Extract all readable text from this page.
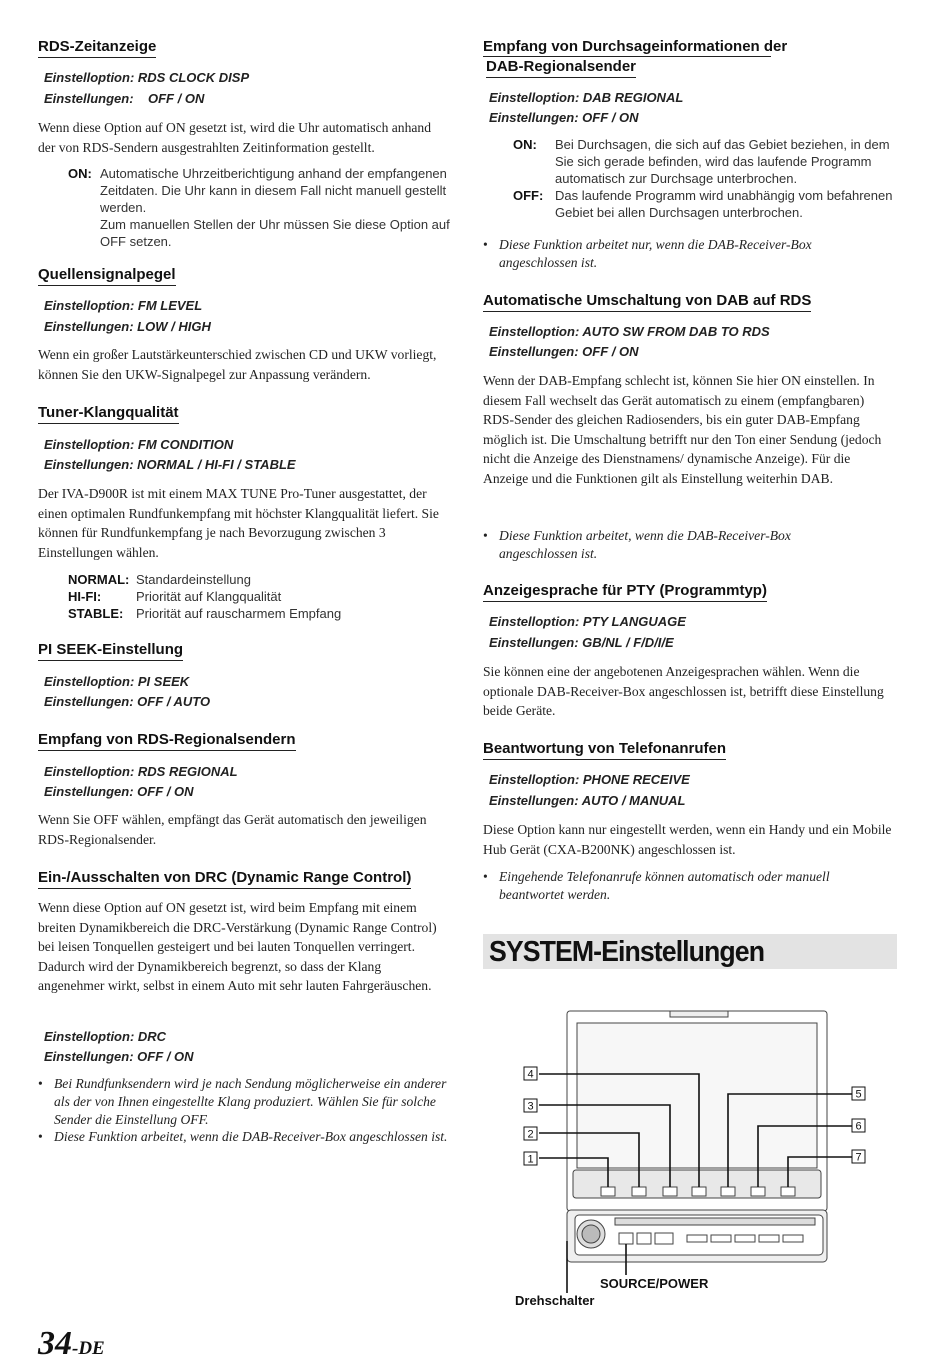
RDS-Zeitanzeige
Einstelloption: RDS CLOCK DISP
Einstellungen:    OFF / ON
Wenn diese Option auf ON gesetzt ist, wird die Uhr automatisch anhand der von RDS-Sendern ausgestrahlten Zeitinformation gestellt.
ON: Automatische Uhrzeitberichtigung anhand der empfangenen Zeitdaten. Die Uhr kann in diesem Fall nicht manuell gestellt werden.
Zum manuellen Stellen der Uhr müssen Sie diese Option auf OFF setzen.
Quellensignalpegel
Einstelloption: FM LEVEL
Einstellungen: LOW / HIGH
Wenn ein großer Lautstärkeunterschied zwischen CD und UKW vorliegt, können Sie den UKW-Signalpegel zur Anpassung verändern.
Tuner-Klangqualität
Einstelloption: FM CONDITION
Einstellungen: NORMAL / HI-FI / STABLE
Der IVA-D900R ist mit einem MAX TUNE Pro-Tuner ausgestattet, der einen optimalen Rundfunkempfang mit höchster Klangqualität liefert. Sie können für Rundfunkempfang je nach Bevorzugung zwischen 3 Einstellungen wählen.
NORMAL: Standardeinstellung
HI-FI:	Priorität auf Klangqualität
STABLE: Priorität auf rauscharmem Empfang
PI SEEK-Einstellung
Einstelloption: PI SEEK
Einstellungen: OFF / AUTO
Empfang von RDS-Regionalsendern
Einstelloption: RDS REGIONAL
Einstellungen: OFF / ON
Wenn Sie OFF wählen, empfängt das Gerät automatisch den jeweiligen RDS-Regionalsender.
Ein-/Ausschalten von DRC (Dynamic Range Control)
Wenn diese Option auf ON gesetzt ist, wird beim Empfang mit einem breiten Dynamikbereich die DRC-Verstärkung (Dynamic Range Control) bei leisen Tonquellen gesteigert und bei lauten Tonquellen verringert. Dadurch wird der Dynamikbereich begrenzt, so dass der Klang angenehmer wirkt, selbst in einem Auto mit sehr lauten Fahrgeräuschen.
Einstelloption: DRC
Einstellungen: OFF / ON
• Bei Rundfunksendern wird je nach Sendung möglicherweise ein anderer als der von Ihnen eingestellte Klang produziert. Wählen Sie für solche Sender die Einstellung OFF.
• Diese Funktion arbeitet, wenn die DAB-Receiver-Box angeschlossen ist.
Empfang von Durchsageinformationen der
DAB-Regionalsender
Einstelloption: DAB REGIONAL
Einstellungen: OFF / ON
ON: Bei Durchsagen, die sich auf das Gebiet beziehen, in dem Sie sich gerade befinden, wird das laufende Programm automatisch zur Durchsage unterbrochen.
OFF: Das laufende Programm wird unabhängig vom befahrenen Gebiet bei allen Durchsagen unterbrochen.
• Diese Funktion arbeitet nur, wenn die DAB-Receiver-Box angeschlossen ist.
Automatische Umschaltung von DAB auf RDS
Einstelloption: AUTO SW FROM DAB TO RDS
Einstellungen: OFF / ON
Wenn der DAB-Empfang schlecht ist, können Sie hier ON einstellen. In diesem Fall wechselt das Gerät automatisch zu einem (empfangbaren) RDS-Sender des gleichen Radiosenders, bis ein guter DAB-Empfang möglich ist. Die Umschaltung betrifft nur den Ton einer Sendung (jedoch nicht die Anzeige des Dienstnamens/ dynamische Anzeige). Für die Anzeige und die Funktionen gilt als Einstellung weiterhin DAB.
• Diese Funktion arbeitet, wenn die DAB-Receiver-Box angeschlossen ist.
Anzeigesprache für PTY (Programmtyp)
Einstelloption: PTY LANGUAGE
Einstellungen: GB/NL / F/D/I/E
Sie können eine der angebotenen Anzeigesprachen wählen. Wenn die optionale DAB-Receiver-Box angeschlossen ist, betrifft diese Einstellung beide Geräte.
Beantwortung von Telefonanrufen
Einstelloption: PHONE RECEIVE
Einstellungen: AUTO / MANUAL
Diese Option kann nur eingestellt werden, wenn ein Handy und ein Mobile Hub Gerät (CXA-B200NK) angeschlossen ist.
• Eingehende Telefonanrufe können automatisch oder manuell beantwortet werden.
SYSTEM-Einstellungen
1
2
3
4
5
6
7
SOURCE/POWER
Drehschalter
34-DE
